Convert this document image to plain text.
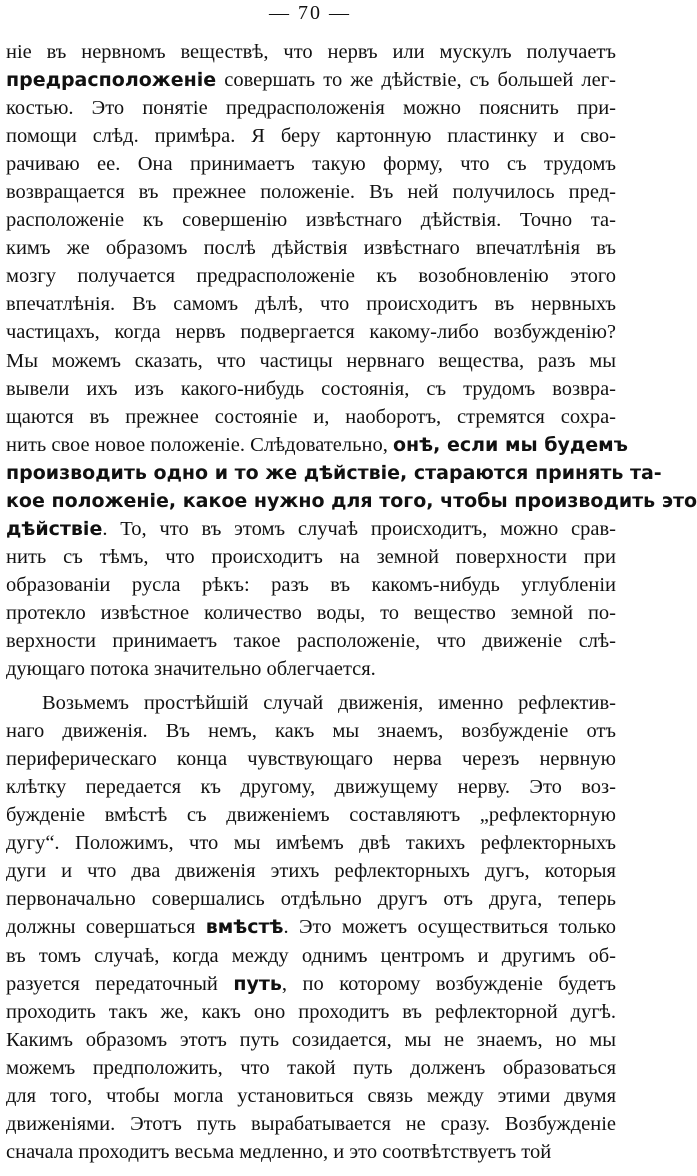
— 70 —
ніе въ нервномъ веществѣ, что нервъ или мускулъ получаетъ
предрасположеніе совершать то же дѣйствіе, съ большей лег-
костью. Это понятіе предрасположенія можно пояснить при-
помощи слѣд. примѣра. Я беру картонную пластинку и сво-
рачиваю ее. Она принимаетъ такую форму, что съ трудомъ
возвращается въ прежнее положеніе. Въ ней получилось пред-
расположеніе къ совершенію извѣстнаго дѣйствія. Точно та-
кимъ же образомъ послѣ дѣйствія извѣстнаго впечатлѣнія въ
мозгу получается предрасположеніе къ возобновленію этого
впечатлѣнія. Въ самомъ дѣлѣ, что происходитъ въ нервныхъ
частицахъ, когда нервъ подвергается какому-либо возбужденію?
Мы можемъ сказать, что частицы нервнаго вещества, разъ мы
вывели ихъ изъ какого-нибудь состоянія, съ трудомъ возвра-
щаются въ прежнее состояніе и, наоборотъ, стремятся сохра-
нить свое новое положеніе. Слѣдовательно, онѣ, если мы будемъ
производить одно и то же дѣйствіе, стараются принять та-
кое положеніе, какое нужно для того, чтобы производить это
дѣйствіе. То, что въ этомъ случаѣ происходитъ, можно срав-
нить съ тѣмъ, что происходитъ на земной поверхности при
образованіи русла рѣкъ: разъ въ какомъ-нибудь углубленіи
протекло извѣстное количество воды, то вещество земной по-
верхности принимаетъ такое расположеніе, что движеніе слѣ-
дующаго потока значительно облегчается.
Возьмемъ простѣйшій случай движенія, именно рефлектив-
наго движенія. Въ немъ, какъ мы знаемъ, возбужденіе отъ
периферическаго конца чувствующаго нерва черезъ нервную
клѣтку передается къ другому, движущему нерву. Это воз-
бужденіе вмѣстѣ съ движеніемъ составляютъ „рефлекторную
дугу“. Положимъ, что мы имѣемъ двѣ такихъ рефлекторныхъ
дуги и что два движенія этихъ рефлекторныхъ дугъ, которыя
первоначально совершались отдѣльно другъ отъ друга, теперь
должны совершаться вмѣстѣ. Это можетъ осуществиться только
въ томъ случаѣ, когда между однимъ центромъ и другимъ об-
разуется передаточный путь, по которому возбужденіе будетъ
проходить такъ же, какъ оно проходитъ въ рефлекторной дугѣ.
Какимъ образомъ этотъ путь созидается, мы не знаемъ, но мы
можемъ предположить, что такой путь долженъ образоваться
для того, чтобы могла установиться связь между этими двумя
движеніями. Этотъ путь вырабатывается не сразу. Возбужденіе
сначала проходитъ весьма медленно, и это соотвѣтствуетъ той
